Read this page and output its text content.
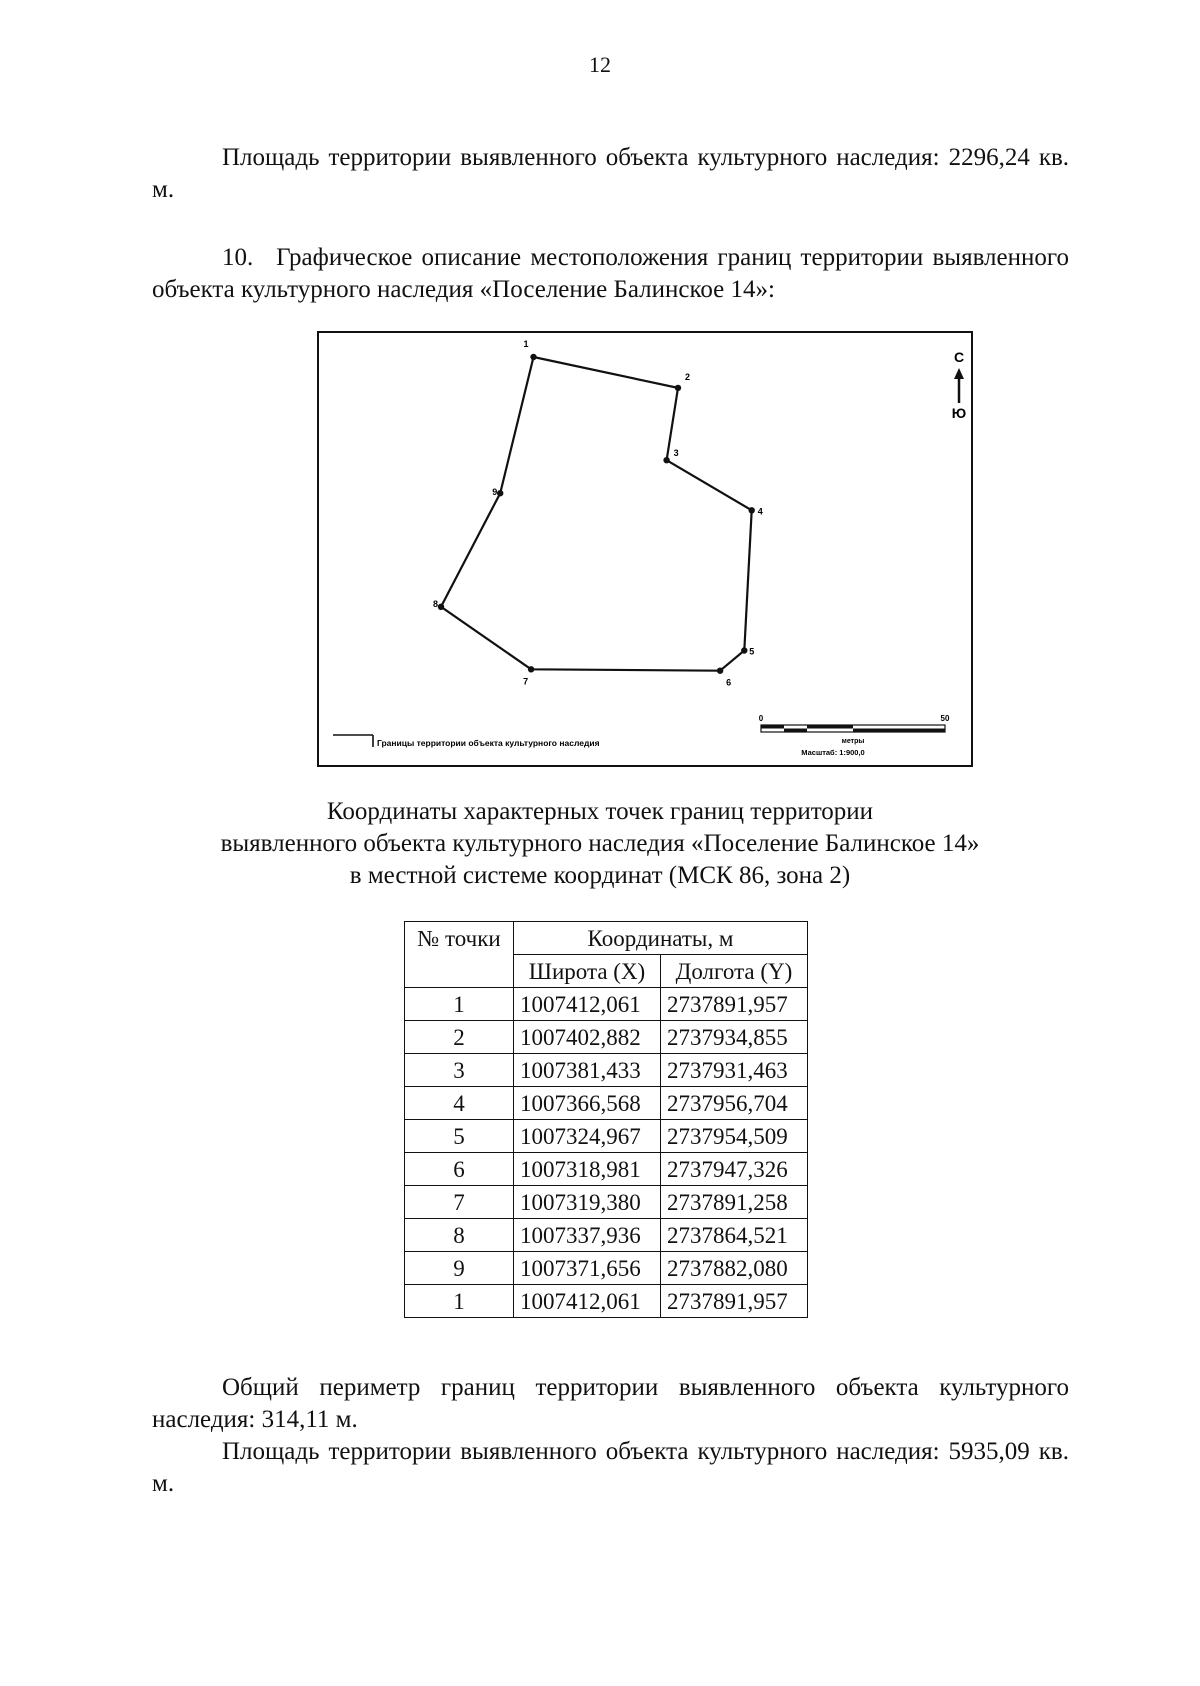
12
Площадь территории выявленного объекта культурного наследия: 2296,24 кв. м.
10. Графическое описание местоположения границ территории выявленного объекта культурного наследия «Поселение Балинское 14»:
1
2
3
4
5
6
7
8
9
С
Ю
Границы территории объекта культурного наследия
0	50
метры
Масштаб: 1:900,0
Координаты характерных точек границ территории
выявленного объекта культурного наследия «Поселение Балинское 14»
в местной системе координат (МСК 86, зона 2)
№ точки	Координаты, м	
	Широта (X)	Долгота (Y)
1	1007412,061	2737891,957
2	1007402,882	2737934,855
3	1007381,433	2737931,463
4	1007366,568	2737956,704
5	1007324,967	2737954,509
6	1007318,981	2737947,326
7	1007319,380	2737891,258
8	1007337,936	2737864,521
9	1007371,656	2737882,080
1	1007412,061	2737891,957
Общий периметр границ территории выявленного объекта культурного наследия: 314,11 м.
Площадь территории выявленного объекта культурного наследия: 5935,09 кв. м.
